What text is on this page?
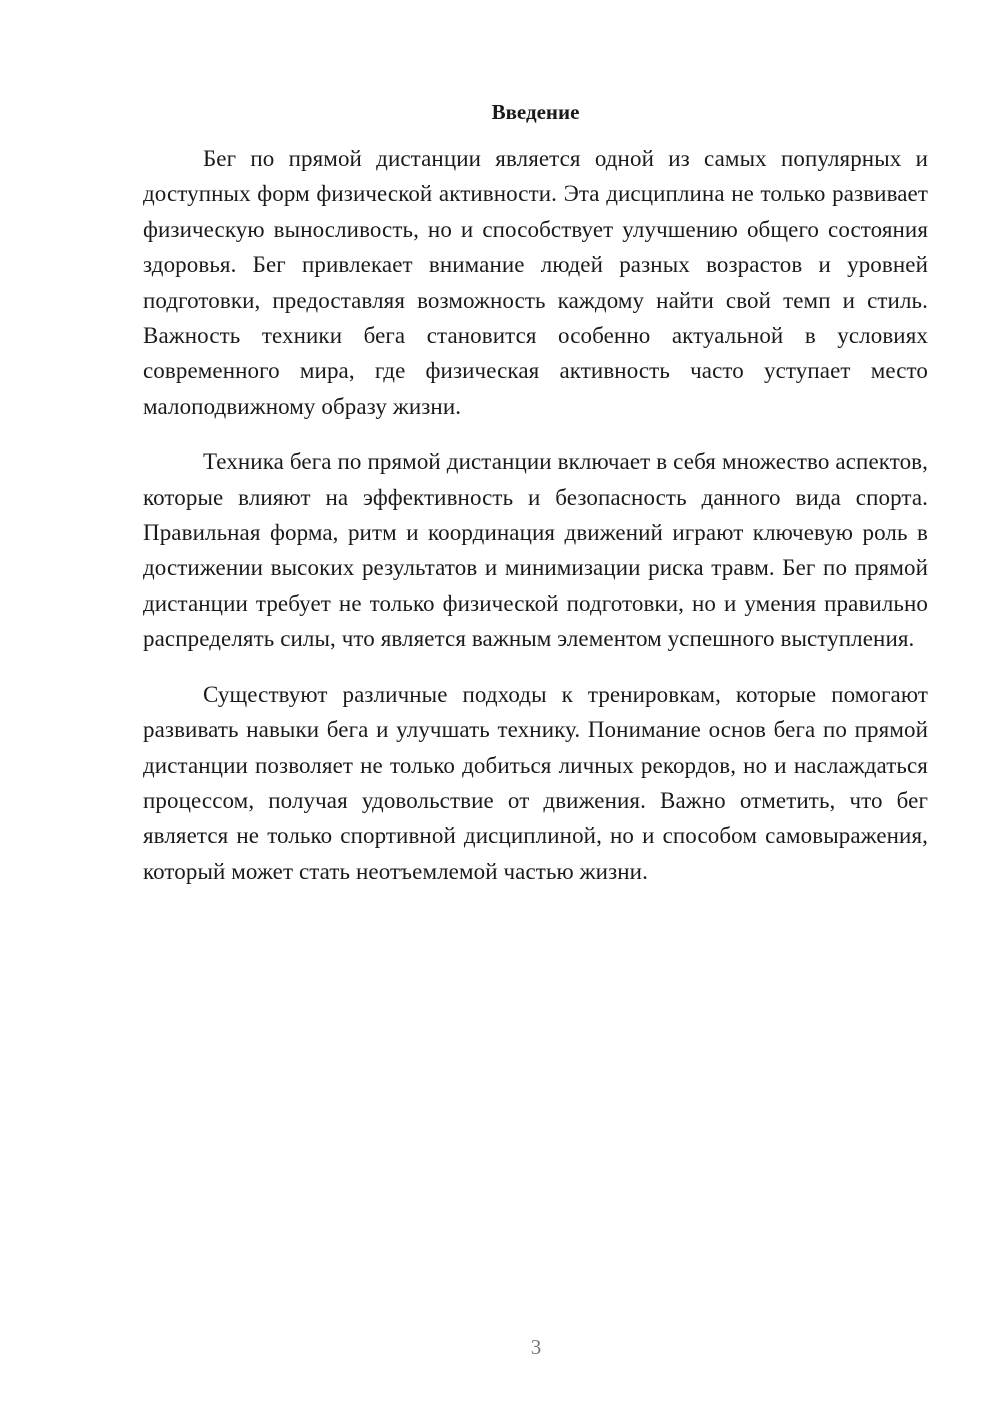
Введение

Бег по прямой дистанции является одной из самых популярных и доступных форм физической активности. Эта дисциплина не только развивает физическую выносливость, но и способствует улучшению общего состояния здоровья. Бег привлекает внимание людей разных возрастов и уровней подготовки, предоставляя возможность каждому найти свой темп и стиль. Важность техники бега становится особенно актуальной в условиях современного мира, где физическая активность часто уступает место малоподвижному образу жизни.

Техника бега по прямой дистанции включает в себя множество аспектов, которые влияют на эффективность и безопасность данного вида спорта. Правильная форма, ритм и координация движений играют ключевую роль в достижении высоких результатов и минимизации риска травм. Бег по прямой дистанции требует не только физической подготовки, но и умения правильно распределять силы, что является важным элементом успешного выступления.

Существуют различные подходы к тренировкам, которые помогают развивать навыки бега и улучшать технику. Понимание основ бега по прямой дистанции позволяет не только добиться личных рекордов, но и наслаждаться процессом, получая удовольствие от движения. Важно отметить, что бег является не только спортивной дисциплиной, но и способом самовыражения, который может стать неотъемлемой частью жизни.

3
